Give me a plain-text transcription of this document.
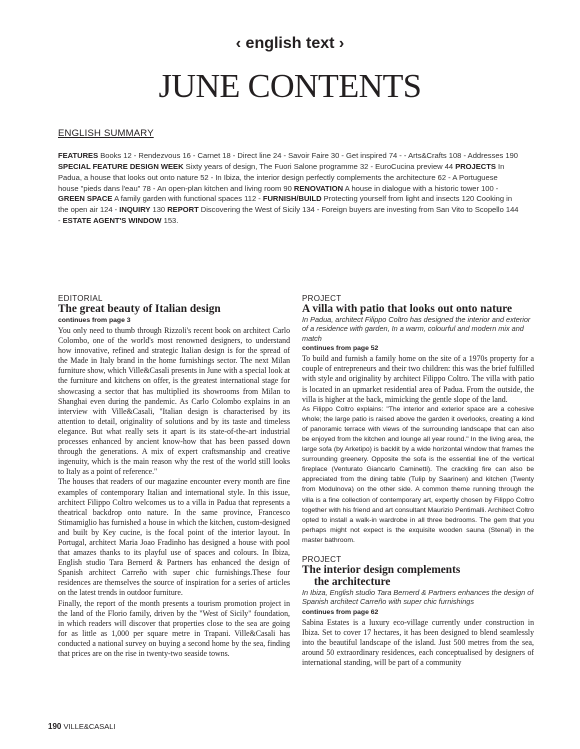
‹ english text ›
JUNE CONTENTS
ENGLISH SUMMARY
FEATURES Books 12 - Rendezvous 16 - Carnet 18 - Direct line 24 - Savoir Faire 30 - Get inspired 74 - - Arts&Crafts 108 - Addresses 190 SPECIAL FEATURE DESIGN WEEK Sixty years of design, The Fuori Salone programme 32 - EuroCucina preview 44 PROJECTS In Padua, a house that looks out onto nature 52 - In Ibiza, the interior design perfectly complements the architecture 62 - A Portuguese house "pieds dans l'eau" 78 - An open-plan kitchen and living room 90 RENOVATION A house in dialogue with a historic tower 100 - GREEN SPACE A family garden with functional spaces 112 - FURNISH/BUILD Protecting yourself from light and insects 120 Cooking in the open air 124 - INQUIRY 130 REPORT Discovering the West of Sicily 134 - Foreign buyers are investing from San Vito to Scopello 144 - ESTATE AGENT'S WINDOW 153.
EDITORIAL
The great beauty of Italian design
continues from page 3

You only need to thumb through Rizzoli's recent book on architect Carlo Colombo, one of the world's most renowned designers, to understand how innovative, refined and strategic Italian design is for the spread of the Made in Italy brand in the home furnishings sector. The next Milan furniture show, which Ville&Casali presents in June with a special look at the furniture and kitchens on offer, is the greatest international stage for showcasing a sector that has multiplied its showrooms from Milan to Shanghai even during the pandemic. As Carlo Colombo explains in an interview with Ville&Casali, "Italian design is characterised by its attention to detail, originality of solutions and by its taste and timeless elegance. But what really sets it apart is its state-of-the-art industrial processes enhanced by ancient know-how that has been passed down through the generations. A mix of expert craftsmanship and creative ingenuity, which is the main reason why the rest of the world still looks to Italy as a point of reference."

The houses that readers of our magazine encounter every month are fine examples of contemporary Italian and international style. In this issue, architect Filippo Coltro welcomes us to a villa in Padua that represents a theatrical backdrop onto nature. In the same province, Francesco Stimamiglio has furnished a house in which the kitchen, custom-designed and built by Key cucine, is the focal point of the interior layout. In Portugal, architect Maria Joao Fradinho has designed a house with pool that amazes thanks to its playful use of spaces and colours. In Ibiza, English studio Tara Bernerd & Partners has enhanced the design of Spanish architect Carreño with super chic furnishings.These four residences are themselves the source of inspiration for a series of articles on the latest trends in outdoor furniture.

Finally, the report of the month presents a tourism promotion project in the land of the Florio family, driven by the "West of Sicily" foundation, in which readers will discover that properties close to the sea are going for as little as 1,000 per square metre in Trapani. Ville&Casali has conducted a national survey on buying a second home by the sea, finding that prices are on the rise in twenty-two seaside towns.

PROJECT
A villa with patio that looks out onto nature
In Padua, architect Filippo Coltro has designed the interior and exterior of a residence with garden, In a warm, colourful and modern mix and match
continues from page 52

To build and furnish a family home on the site of a 1970s property for a couple of entrepreneurs and their two children: this was the brief fulfilled with style and originality by architect Filippo Coltro. The villa with patio is located in an upmarket residential area of Padua. From the outside, the villa is higher at the back, mimicking the gentle slope of the land.

As Filippo Coltro explains: "The interior and exterior space are a cohesive whole; the large patio is raised above the garden it overlooks, creating a kind of panoramic terrace with views of the surrounding landscape that can also be enjoyed from the kitchen and lounge all year round." In the living area, the large sofa (by Arketipo) is backlit by a wide horizontal window that frames the surrounding greenery. Opposite the sofa is the essential line of the vertical fireplace (Venturato Giancarlo Caminetti). The crackling fire can also be appreciated from the dining table (Tulip by Saarinen) and kitchen (Twenty from Modulnova) on the other side. A common theme running through the villa is a fine collection of contemporary art, expertly chosen by Filippo Coltro together with his friend and art consultant Maurizio Pentimalli. Architect Coltro opted to install a walk-in wardrobe in all three bedrooms. The gem that you perhaps might not expect is the exquisite wooden sauna (Stenal) in the master bathroom.

PROJECT
The interior design complements
the architecture
In Ibiza, English studio Tara Bernerd & Partners enhances the design of Spanish architect Carreño with super chic furnishings
continues from page 62

Sabina Estates is a luxury eco-village currently under construction in Ibiza. Set to cover 17 hectares, it has been designed to blend seamlessly into the beautiful landscape of the island. Just 500 metres from the sea, around 50 extraordinary residences, each conceptualised by designers of international standing, will be part of a community

190 VILLE&CASALI
